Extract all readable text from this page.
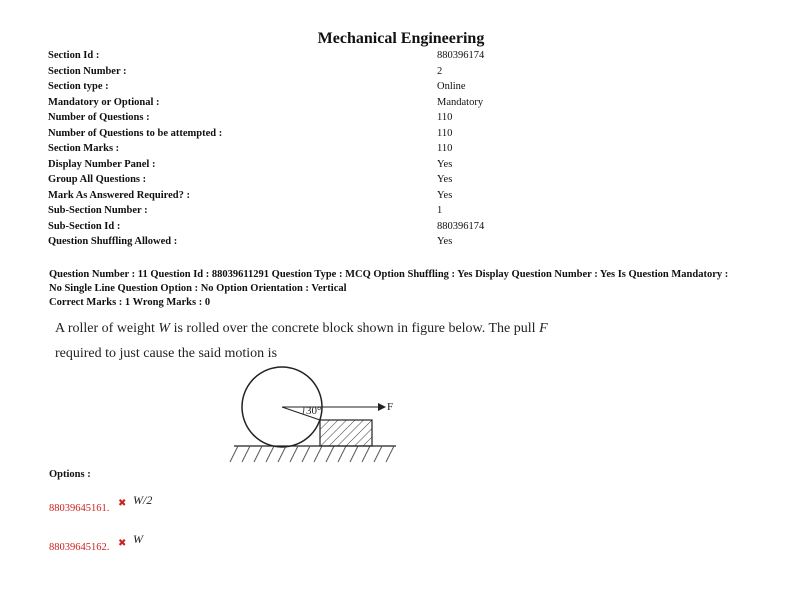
Mechanical Engineering
Section Id :	880396174
Section Number :	2
Section type :	Online
Mandatory or Optional :	Mandatory
Number of Questions :	110
Number of Questions to be attempted :	110
Section Marks :	110
Display Number Panel :	Yes
Group All Questions :	Yes
Mark As Answered Required? :	Yes
Sub-Section Number :	1
Sub-Section Id :	880396174
Question Shuffling Allowed :	Yes
Question Number : 11 Question Id : 88039611291 Question Type : MCQ Option Shuffling : Yes Display Question Number : Yes Is Question Mandatory : No Single Line Question Option : No Option Orientation : Vertical
Correct Marks : 1 Wrong Marks : 0
A roller of weight W is rolled over the concrete block shown in figure below. The pull F
required to just cause the said motion is
30°	F
Options :
88039645161. ✖ W/2
88039645162. ✖ W
